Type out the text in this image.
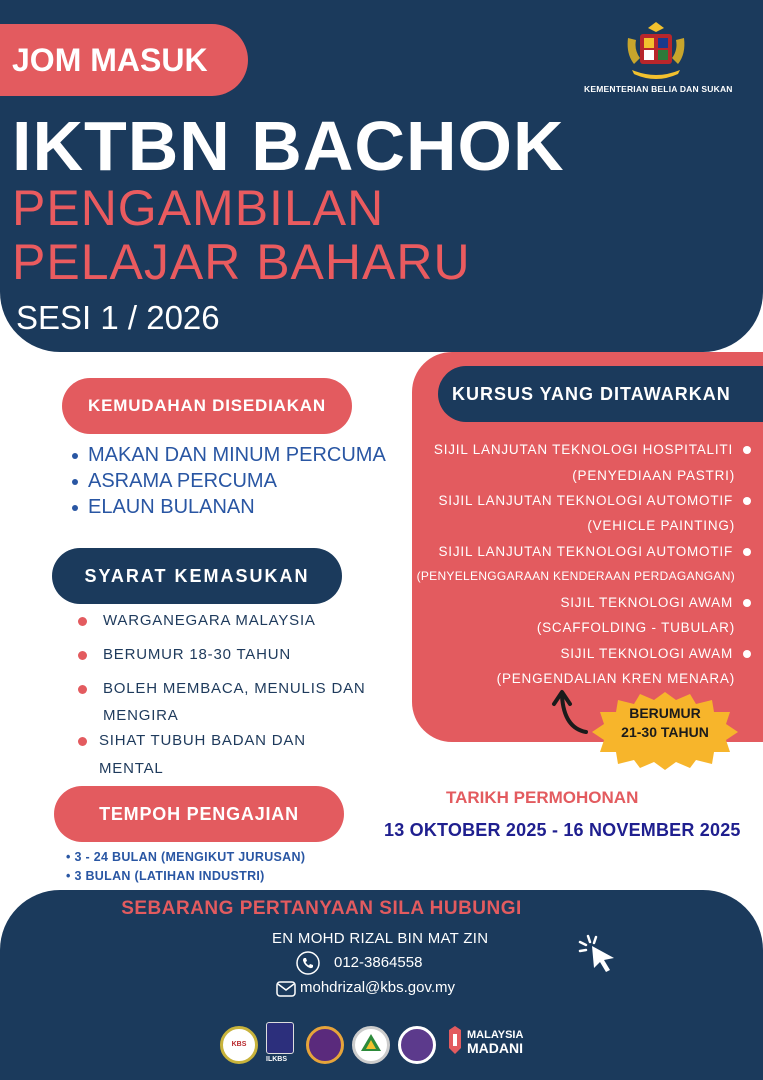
JOM MASUK
IKTBN BACHOK
PENGAMBILAN
PELAJAR BAHARU
SESI 1 / 2026
KEMENTERIAN BELIA DAN SUKAN
KURSUS YANG DITAWARKAN
SIJIL LANJUTAN TEKNOLOGI HOSPITALITI
(PENYEDIAAN PASTRI)
SIJIL LANJUTAN TEKNOLOGI AUTOMOTIF
(VEHICLE PAINTING)
SIJIL LANJUTAN TEKNOLOGI AUTOMOTIF
(PENYELENGGARAAN KENDERAAN PERDAGANGAN)
SIJIL TEKNOLOGI AWAM
(SCAFFOLDING - TUBULAR)
SIJIL TEKNOLOGI AWAM
(PENGENDALIAN KREN MENARA)
BERUMUR
21-30 TAHUN
KEMUDAHAN DISEDIAKAN
MAKAN DAN MINUM PERCUMA
ASRAMA PERCUMA
ELAUN BULANAN
SYARAT KEMASUKAN
WARGANEGARA MALAYSIA
BERUMUR 18-30 TAHUN
BOLEH MEMBACA, MENULIS DAN
MENGIRA
SIHAT TUBUH BADAN DAN
MENTAL
TEMPOH PENGAJIAN
• 3 - 24 BULAN (MENGIKUT JURUSAN)
• 3 BULAN (LATIHAN INDUSTRI)
TARIKH PERMOHONAN
13 OKTOBER 2025 - 16 NOVEMBER 2025
SEBARANG PERTANYAAN SILA HUBUNGI
EN MOHD RIZAL BIN MAT ZIN
012-3864558
mohdrizal@kbs.gov.my
KBS
ILKBS
MALAYSIA
MADANI
